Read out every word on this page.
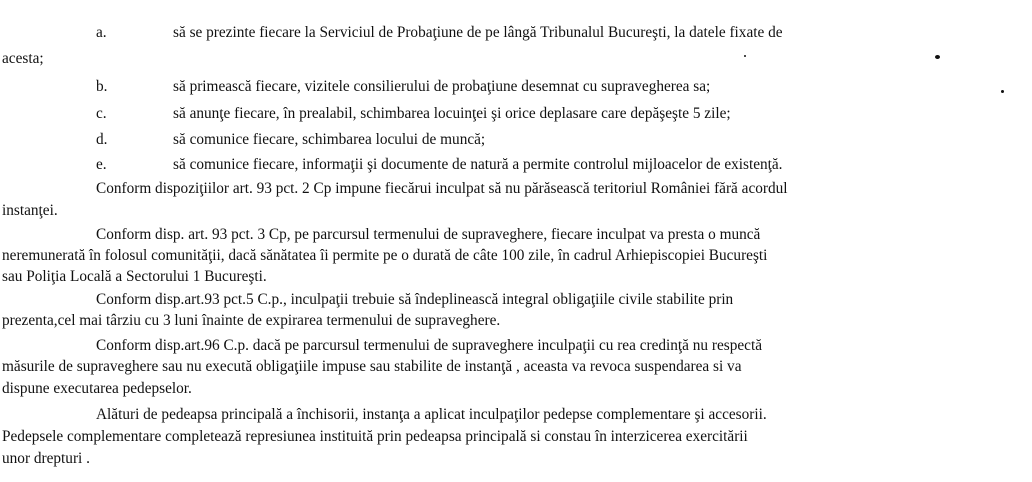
a.	să se prezinte fiecare la Serviciul de Probaţiune de pe lângă Tribunalul Bucureşti, la datele fixate de
acesta;
b.	să primească fiecare, vizitele consilierului de probaţiune desemnat cu supravegherea sa;
c.	să anunţe fiecare, în prealabil, schimbarea locuinţei şi orice deplasare care depăşeşte 5 zile;
d.	să comunice fiecare, schimbarea locului de muncă;
e.	să comunice fiecare, informaţii şi documente de natură a permite controlul mijloacelor de existenţă.
Conform dispoziţiilor art. 93 pct. 2 Cp impune fiecărui inculpat să nu părăsească teritoriul României fără acordul
instanţei.
Conform disp. art. 93 pct. 3 Cp, pe parcursul termenului de supraveghere, fiecare inculpat va presta o muncă
neremunerată în folosul comunităţii, dacă sănătatea îi permite pe o durată de câte 100 zile, în cadrul Arhiepiscopiei Bucureşti
sau Poliţia Locală a Sectorului 1 Bucureşti.
Conform disp.art.93 pct.5 C.p., inculpaţii trebuie să îndeplinească integral obligaţiile civile stabilite prin
prezenta,cel mai târziu cu 3 luni înainte de expirarea termenului de supraveghere.
Conform disp.art.96 C.p. dacă pe parcursul termenului de supraveghere inculpaţii cu rea credinţă nu respectă
măsurile de supraveghere sau nu execută obligaţiile impuse sau stabilite de instanţă , aceasta va revoca suspendarea si va
dispune executarea pedepselor.
Alături de pedeapsa principală a închisorii, instanţa a aplicat inculpaţilor pedepse complementare şi accesorii.
Pedepsele complementare completează represiunea instituită prin pedeapsa principală si constau în interzicerea exercitării
unor drepturi .
